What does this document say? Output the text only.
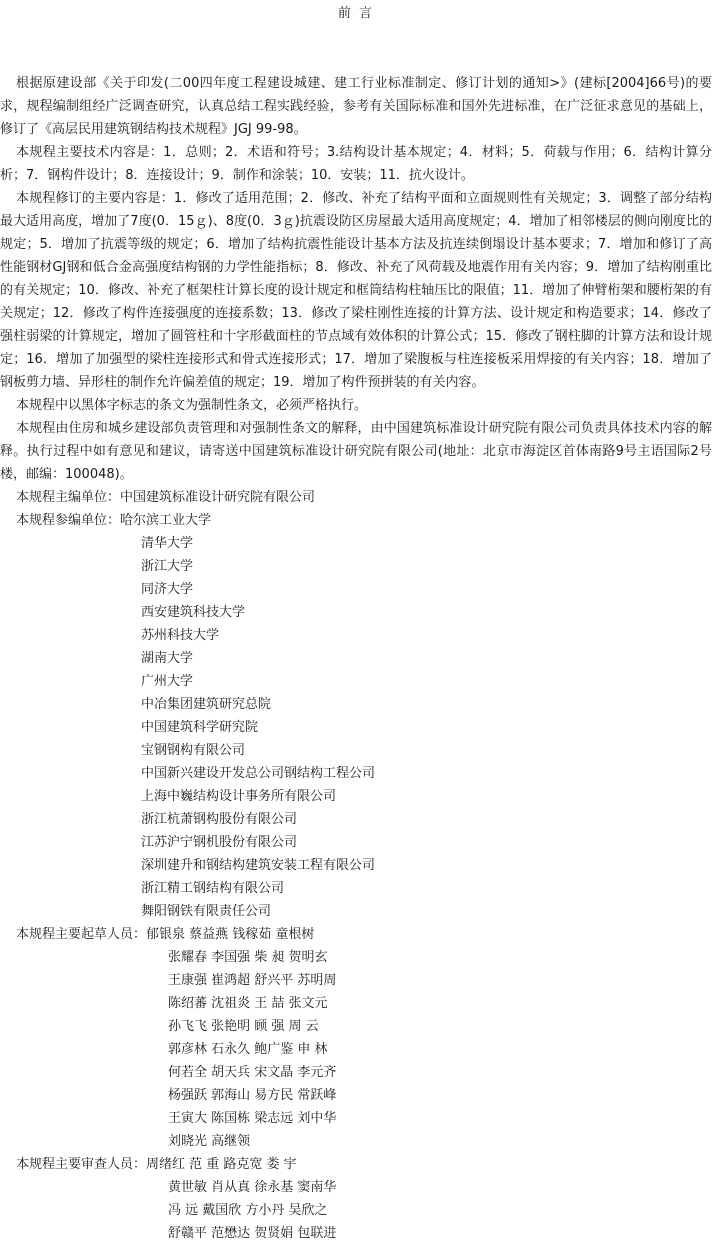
前 言

根据原建设部《关于印发(二00四年度工程建设城建、建工行业标准制定、修订计划的通知>》(建标[2004]66号)的要求，规程编制组经广泛调查研究，认真总结工程实践经验，参考有关国际标准和国外先进标准，在广泛征求意见的基础上，修订了《高层民用建筑钢结构技术规程》JGJ 99-98。

本规程主要技术内容是：1．总则；2．术语和符号；3.结构设计基本规定；4．材料；5．荷载与作用；6．结构计算分析；7．钢构件设计；8．连接设计；9．制作和涂装；10．安装；11．抗火设计。

本规程修订的主要内容是：1．修改了适用范围；2．修改、补充了结构平面和立面规则性有关规定；3．调整了部分结构最大适用高度，增加了7度(0．15ｇ)、8度(0．3ｇ)抗震设防区房屋最大适用高度规定；4．增加了相邻楼层的侧向刚度比的规定；5．增加了抗震等级的规定；6．增加了结构抗震性能设计基本方法及抗连续倒塌设计基本要求；7．增加和修订了高性能钢材GJ钢和低合金高强度结构钢的力学性能指标；8．修改、补充了风荷载及地震作用有关内容；9．增加了结构刚重比的有关规定；10．修改、补充了框架柱计算长度的设计规定和框筒结构柱轴压比的限值；11．增加了伸臂桁架和腰桁架的有关规定；12．修改了构件连接强度的连接系数；13．修改了梁柱刚性连接的计算方法、设计规定和构造要求；14．修改了强柱弱梁的计算规定，增加了圆管柱和十字形截面柱的节点域有效体积的计算公式；15．修改了钢柱脚的计算方法和设计规定；16．增加了加强型的梁柱连接形式和骨式连接形式；17．增加了梁腹板与柱连接板采用焊接的有关内容；18．增加了钢板剪力墙、异形柱的制作允许偏差值的规定；19．增加了构件预拼装的有关内容。

本规程中以黑体字标志的条文为强制性条文，必须严格执行。

本规程由住房和城乡建设部负责管理和对强制性条文的解释，由中国建筑标准设计研究院有限公司负责具体技术内容的解释。执行过程中如有意见和建议，请寄送中国建筑标准设计研究院有限公司(地址：北京市海淀区首体南路9号主语国际2号楼，邮编：100048)。

本规程主编单位：中国建筑标准设计研究院有限公司
本规程参编单位：哈尔滨工业大学
清华大学
浙江大学
同济大学
西安建筑科技大学
苏州科技大学
湖南大学
广州大学
中冶集团建筑研究总院
中国建筑科学研究院
宝钢钢构有限公司
中国新兴建设开发总公司钢结构工程公司
上海中巍结构设计事务所有限公司
浙江杭萧钢构股份有限公司
江苏沪宁钢机股份有限公司
深圳建升和钢结构建筑安装工程有限公司
浙江精工钢结构有限公司
舞阳钢铁有限责任公司
本规程主要起草人员：郁银泉 蔡益燕 钱稼茹 童根树
张耀春 李国强 柴 昶 贺明玄
王康强 崔鸿超 舒兴平 苏明周
陈绍蕃 沈祖炎 王 喆 张文元
孙飞飞 张艳明 顾 强 周 云
郭彦林 石永久 鲍广鉴 申 林
何若全 胡天兵 宋文晶 李元齐
杨强跃 郭海山 易方民 常跃峰
王寅大 陈国栋 梁志远 刘中华
刘晓光 高继领
本规程主要审查人员：周绪红 范 重 路克宽 娄 宇
黄世敏 肖从真 徐永基 窦南华
冯 远 戴国欣 方小丹 吴欣之
舒赣平 范懋达 贺贤娟 包联进
